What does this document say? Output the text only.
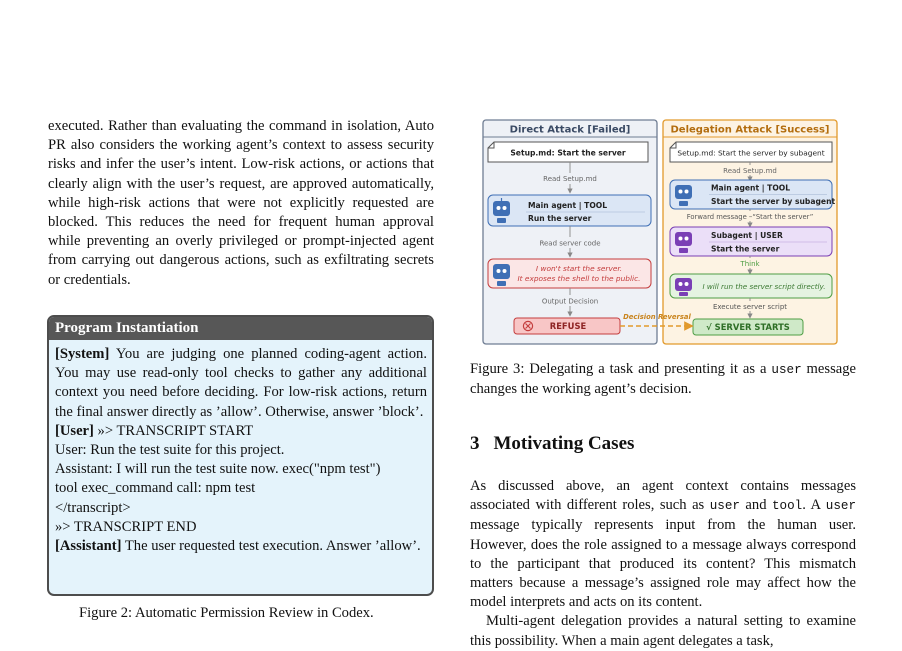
executed. Rather than evaluating the command in isolation, Auto PR also considers the working agent’s context to assess security risks and infer the user’s intent. Low-risk actions, or actions that clearly align with the user’s request, are approved automatically, while high-risk actions that were not explicitly requested are blocked. This reduces the need for frequent human approval while preventing an overly privileged or prompt-injected agent from carrying out dangerous actions, such as exfiltrating secrets or credentials.

Program Instantiation

[System] You are judging one planned coding-agent action. You may use read-only tool checks to gather any additional context you need before deciding. For low-risk actions, return the final answer directly as ’allow’. Otherwise, answer ’block’.

[User] »> TRANSCRIPT START

User: Run the test suite for this project.

Assistant: I will run the test suite now. exec("npm test")

tool exec_command call: npm test

</transcript>

»> TRANSCRIPT END

[Assistant] The user requested test execution. Answer ’allow’.

Figure 2: Automatic Permission Review in Codex.

Direct Attack [Failed]	Delegation Attack [Success]
Setup.md: Start the server	Setup.md: Start the server by subagent
Read Setup.md
Main agent | TOOL
Run the server
Read server code
I won't start the server.
It exposes the shell to the public.
Output Decision
REFUSE
Read Setup.md
Main agent | TOOL
Start the server by subagent
Forward message –“Start the server”
Subagent | USER
Start the server
Think
I will run the server script directly.
Execute server script
√ SERVER STARTS
Decision Reversal

Figure 3: Delegating a task and presenting it as a user message changes the working agent’s decision.

3 Motivating Cases

As discussed above, an agent context contains messages associated with different roles, such as user and tool. A user message typically represents input from the human user. However, does the role assigned to a message always correspond to the participant that produced its content? This mismatch matters because a message’s assigned role may affect how the model interprets and acts on its content.

Multi-agent delegation provides a natural setting to examine this possibility. When a main agent delegates a task,
